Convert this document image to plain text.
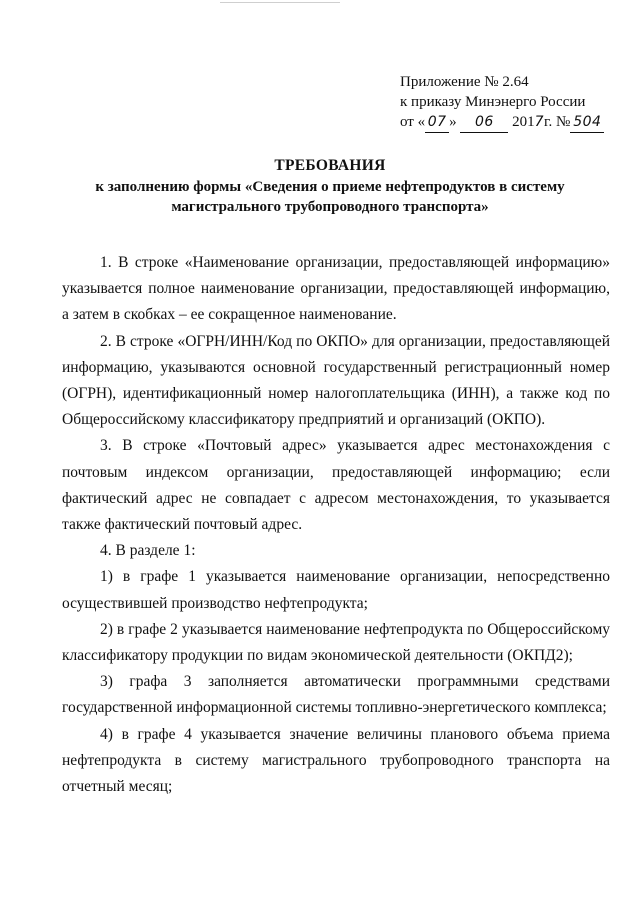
Приложение № 2.64
к приказу Минэнерго России
от « 07 » 06 2017г. № 504
ТРЕБОВАНИЯ
к заполнению формы «Сведения о приеме нефтепродуктов в систему
магистрального трубопроводного транспорта»

1. В строке «Наименование организации, предоставляющей информацию» указывается полное наименование организации, предоставляющей информацию, а затем в скобках – ее сокращенное наименование.

2. В строке «ОГРН/ИНН/Код по ОКПО» для организации, предоставляющей информацию, указываются основной государственный регистрационный номер (ОГРН), идентификационный номер налогоплательщика (ИНН), а также код по Общероссийскому классификатору предприятий и организаций (ОКПО).

3. В строке «Почтовый адрес» указывается адрес местонахождения с почтовым индексом организации, предоставляющей информацию; если фактический адрес не совпадает с адресом местонахождения, то указывается также фактический почтовый адрес.

4. В разделе 1:

1) в графе 1 указывается наименование организации, непосредственно осуществившей производство нефтепродукта;

2) в графе 2 указывается наименование нефтепродукта по Общероссийскому классификатору продукции по видам экономической деятельности (ОКПД2);

3) графа 3 заполняется автоматически программными средствами государственной информационной системы топливно-энергетического комплекса;

4) в графе 4 указывается значение величины планового объема приема нефтепродукта в систему магистрального трубопроводного транспорта на отчетный месяц;
